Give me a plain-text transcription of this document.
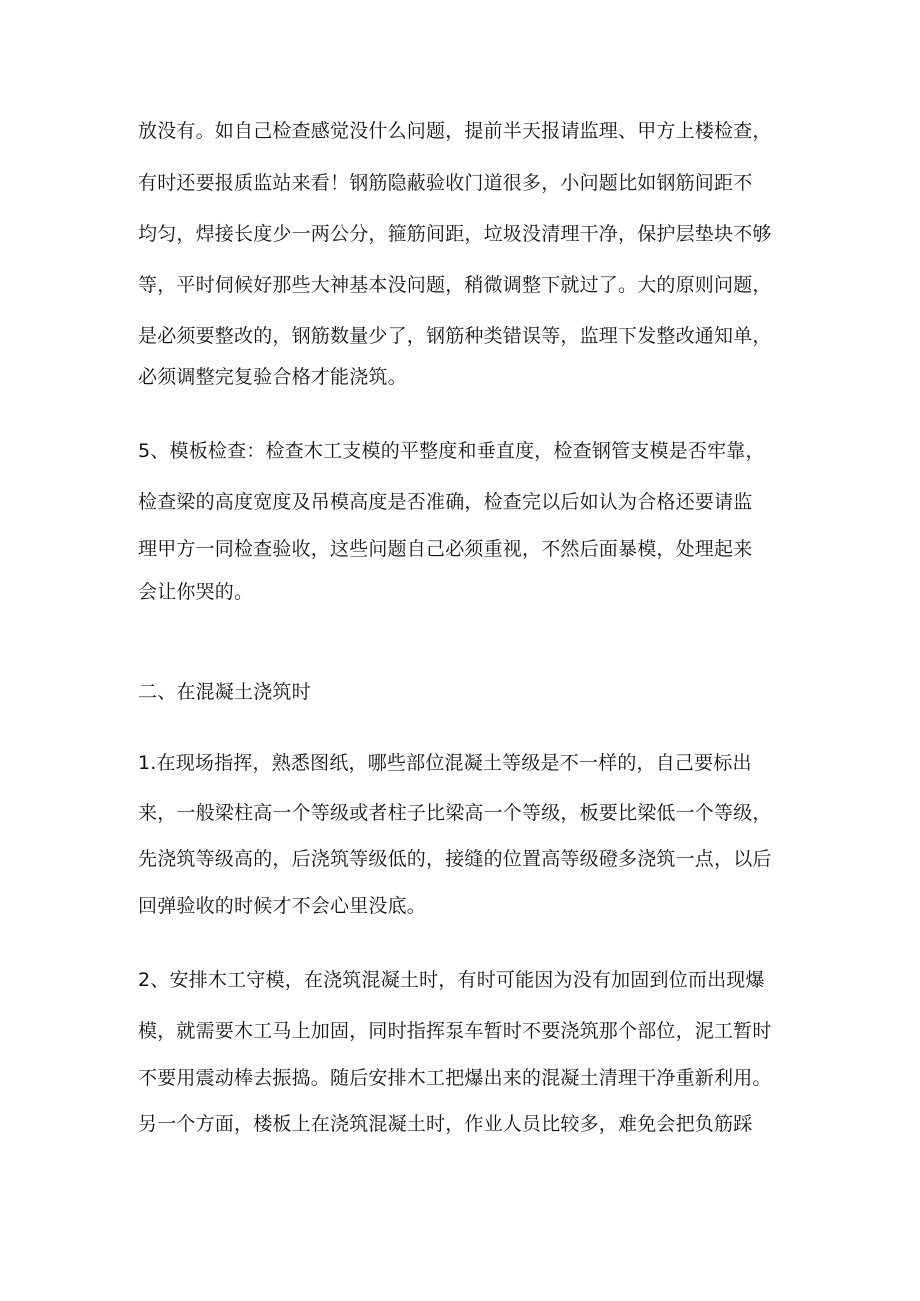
放没有。如自己检查感觉没什么问题，提前半天报请监理、甲方上楼检查，

有时还要报质监站来看！钢筋隐蔽验收门道很多，小问题比如钢筋间距不

均匀，焊接长度少一两公分，箍筋间距，垃圾没清理干净，保护层垫块不够

等，平时伺候好那些大神基本没问题，稍微调整下就过了。大的原则问题，

是必须要整改的，钢筋数量少了，钢筋种类错误等，监理下发整改通知单，

必须调整完复验合格才能浇筑。

5、模板检查：检查木工支模的平整度和垂直度，检查钢管支模是否牢靠，

检查梁的高度宽度及吊模高度是否准确，检查完以后如认为合格还要请监

理甲方一同检查验收，这些问题自己必须重视，不然后面暴模，处理起来

会让你哭的。

二、在混凝土浇筑时

1.在现场指挥，熟悉图纸，哪些部位混凝土等级是不一样的，自己要标出

来，一般梁柱高一个等级或者柱子比梁高一个等级，板要比梁低一个等级，

先浇筑等级高的，后浇筑等级低的，接缝的位置高等级磴多浇筑一点，以后

回弹验收的时候才不会心里没底。

2、安排木工守模，在浇筑混凝土时，有时可能因为没有加固到位而出现爆

模，就需要木工马上加固，同时指挥泵车暂时不要浇筑那个部位，泥工暂时

不要用震动棒去振捣。随后安排木工把爆出来的混凝土清理干净重新利用。

另一个方面，楼板上在浇筑混凝土时，作业人员比较多，难免会把负筋踩
